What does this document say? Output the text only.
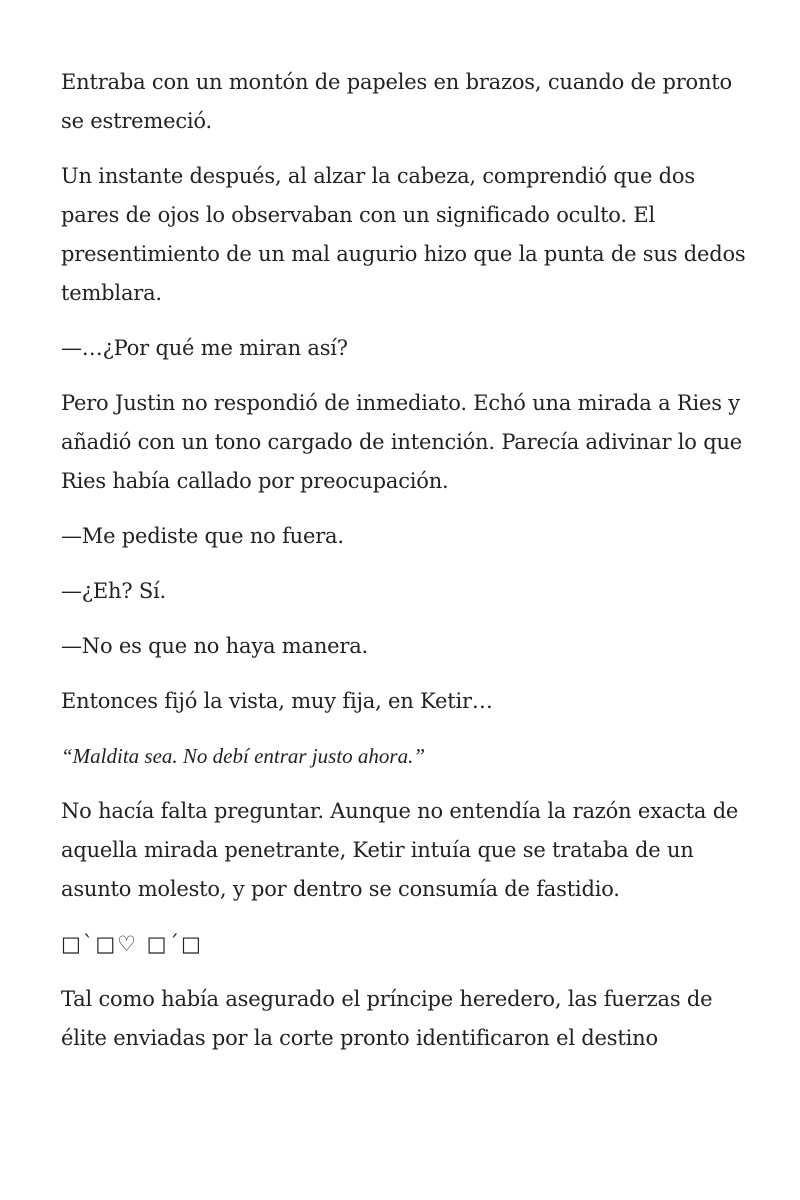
Entraba con un montón de papeles en brazos, cuando de pronto se estremeció.

Un instante después, al alzar la cabeza, comprendió que dos pares de ojos lo observaban con un significado oculto. El presentimiento de un mal augurio hizo que la punta de sus dedos temblara.

—…¿Por qué me miran así?

Pero Justin no respondió de inmediato. Echó una mirada a Ries y añadió con un tono cargado de intención. Parecía adivinar lo que Ries había callado por preocupación.

—Me pediste que no fuera.

—¿Eh? Sí.

—No es que no haya manera.

Entonces fijó la vista, muy fija, en Ketir…

“Maldita sea. No debí entrar justo ahora.”

No hacía falta preguntar. Aunque no entendía la razón exacta de aquella mirada penetrante, Ketir intuía que se trataba de un asunto molesto, y por dentro se consumía de fastidio.

□`□♡ □´□

Tal como había asegurado el príncipe heredero, las fuerzas de élite enviadas por la corte pronto identificaron el destino
